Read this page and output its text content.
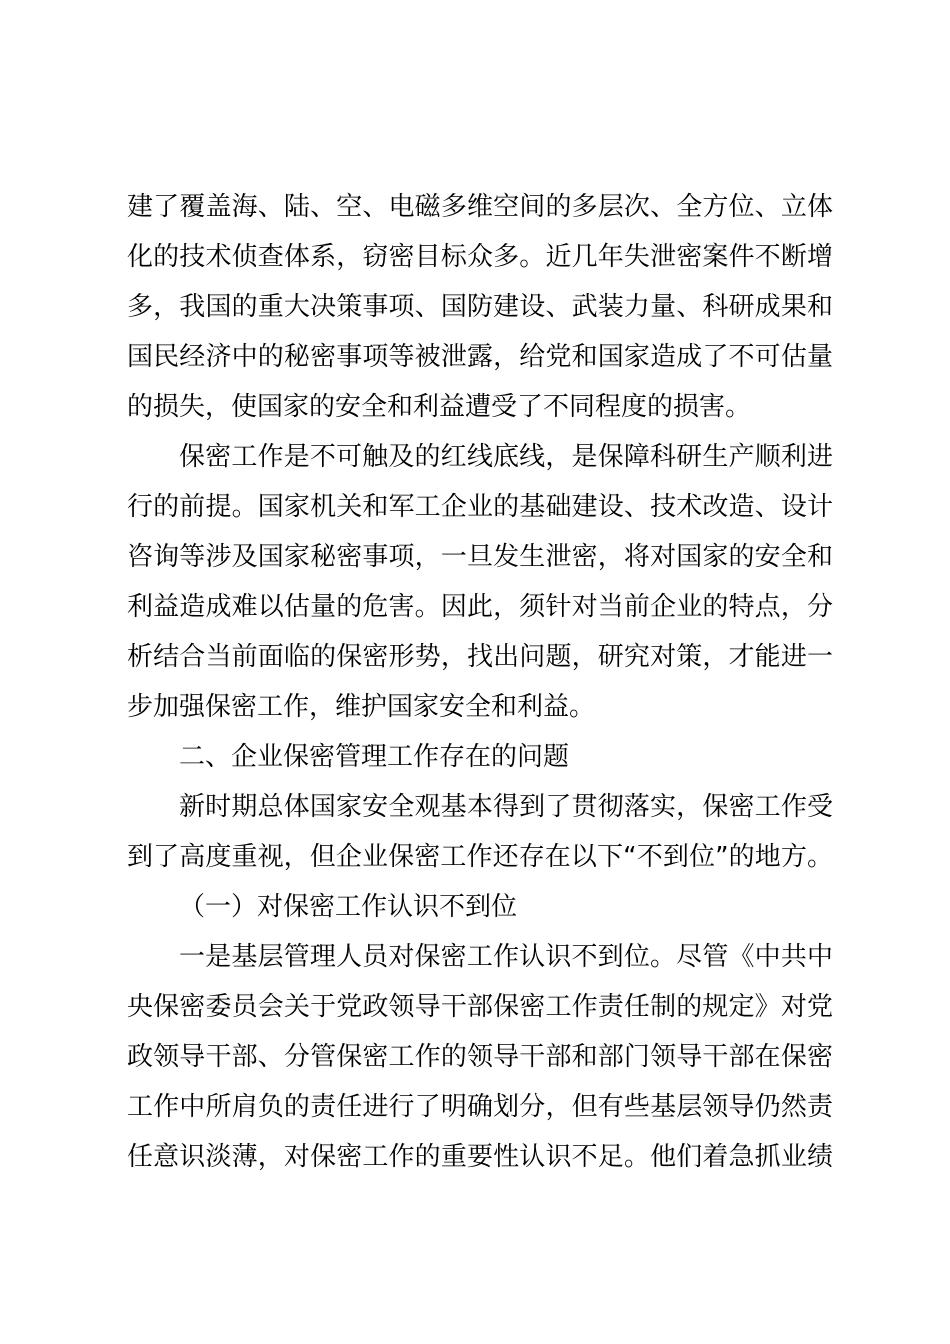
建了覆盖海、陆、空、电磁多维空间的多层次、全方位、立体
化的技术侦查体系，窃密目标众多。近几年失泄密案件不断增
多，我国的重大决策事项、国防建设、武装力量、科研成果和
国民经济中的秘密事项等被泄露，给党和国家造成了不可估量
的损失，使国家的安全和利益遭受了不同程度的损害。
保密工作是不可触及的红线底线，是保障科研生产顺利进
行的前提。国家机关和军工企业的基础建设、技术改造、设计
咨询等涉及国家秘密事项，一旦发生泄密，将对国家的安全和
利益造成难以估量的危害。因此，须针对当前企业的特点，分
析结合当前面临的保密形势，找出问题，研究对策，才能进一
步加强保密工作，维护国家安全和利益。
二、企业保密管理工作存在的问题
新时期总体国家安全观基本得到了贯彻落实，保密工作受
到了高度重视，但企业保密工作还存在以下“不到位”的地方。
（一）对保密工作认识不到位
一是基层管理人员对保密工作认识不到位。尽管《中共中
央保密委员会关于党政领导干部保密工作责任制的规定》对党
政领导干部、分管保密工作的领导干部和部门领导干部在保密
工作中所肩负的责任进行了明确划分，但有些基层领导仍然责
任意识淡薄，对保密工作的重要性认识不足。他们着急抓业绩
